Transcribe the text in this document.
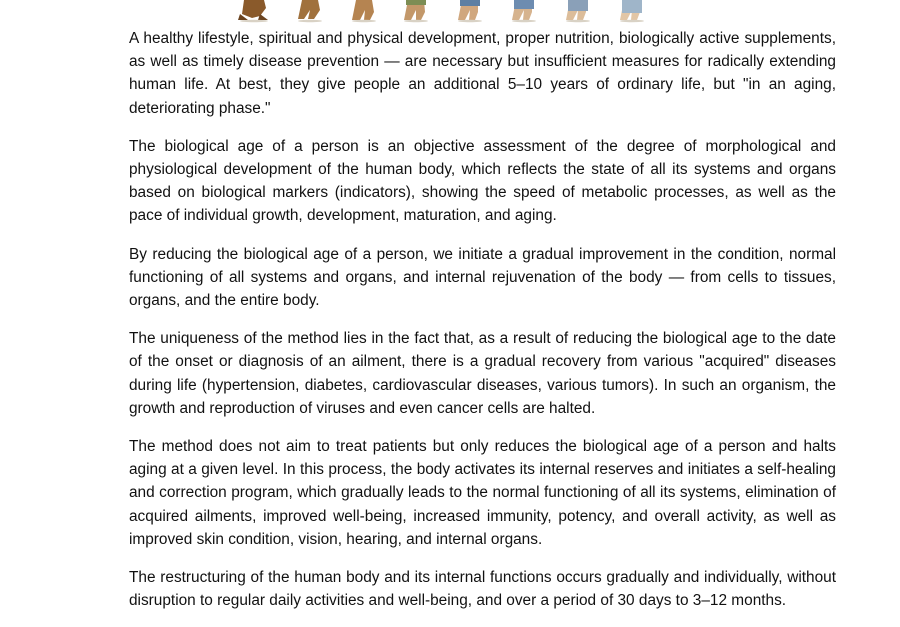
A healthy lifestyle, spiritual and physical development, proper nutrition, biologically active supplements, as well as timely disease prevention — are necessary but insufficient measures for radically extending human life. At best, they give people an additional 5–10 years of ordinary life, but "in an aging, deteriorating phase."

The biological age of a person is an objective assessment of the degree of morphological and physiological development of the human body, which reflects the state of all its systems and organs based on biological markers (indicators), showing the speed of metabolic processes, as well as the pace of individual growth, development, maturation, and aging.

By reducing the biological age of a person, we initiate a gradual improvement in the condition, normal functioning of all systems and organs, and internal rejuvenation of the body — from cells to tissues, organs, and the entire body.

The uniqueness of the method lies in the fact that, as a result of reducing the biological age to the date of the onset or diagnosis of an ailment, there is a gradual recovery from various "acquired" diseases during life (hypertension, diabetes, cardiovascular diseases, various tumors). In such an organism, the growth and reproduction of viruses and even cancer cells are halted.

The method does not aim to treat patients but only reduces the biological age of a person and halts aging at a given level. In this process, the body activates its internal reserves and initiates a self-healing and correction program, which gradually leads to the normal functioning of all its systems, elimination of acquired ailments, improved well-being, increased immunity, potency, and overall activity, as well as improved skin condition, vision, hearing, and internal organs.

The restructuring of the human body and its internal functions occurs gradually and individually, without disruption to regular daily activities and well-being, and over a period of 30 days to 3–12 months.
